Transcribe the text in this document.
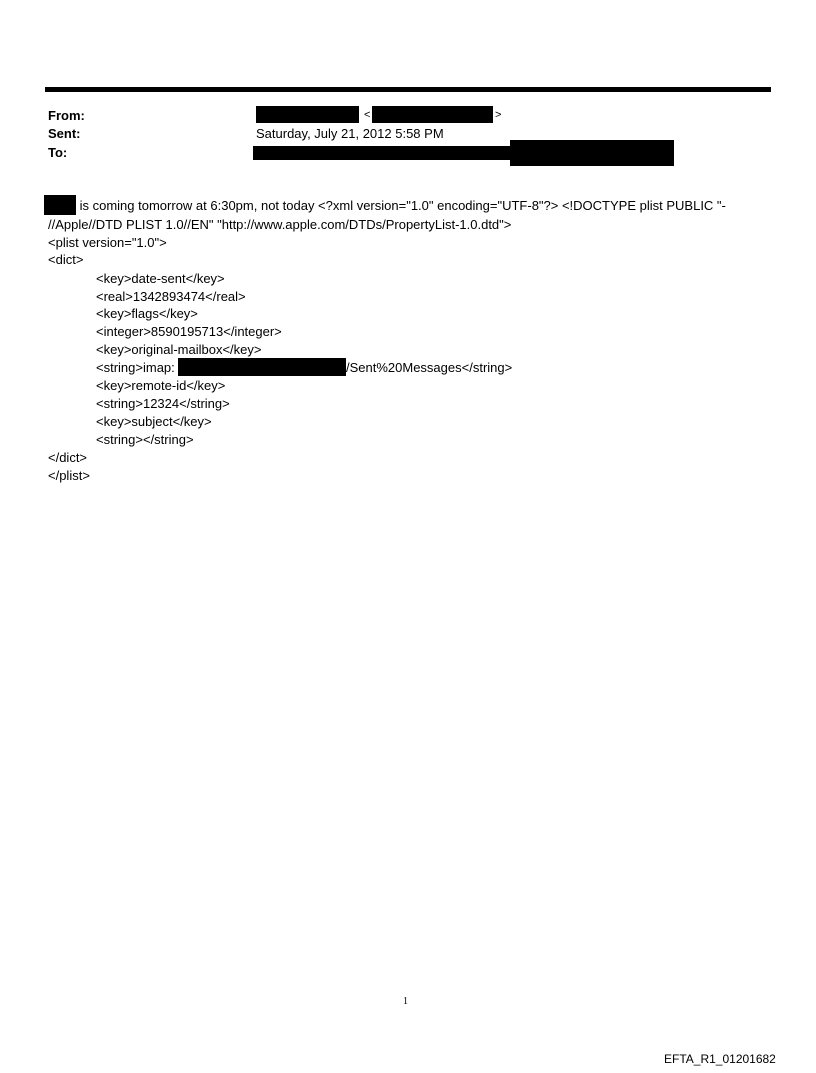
From:
Sent:
To:
<	>
Saturday, July 21, 2012 5:58 PM
is coming tomorrow at 6:30pm, not today <?xml version="1.0" encoding="UTF-8"?> <!DOCTYPE plist PUBLIC "-
//Apple//DTD PLIST 1.0//EN" "http://www.apple.com/DTDs/PropertyList-1.0.dtd">
<plist version="1.0">
<dict>
<key>date-sent</key>
<real>1342893474</real>
<key>flags</key>
<integer>8590195713</integer>
<key>original-mailbox</key>
<string>imap:	/Sent%20Messages</string>
<key>remote-id</key>
<string>12324</string>
<key>subject</key>
<string></string>
</dict>
</plist>
1
EFTA_R1_01201682
